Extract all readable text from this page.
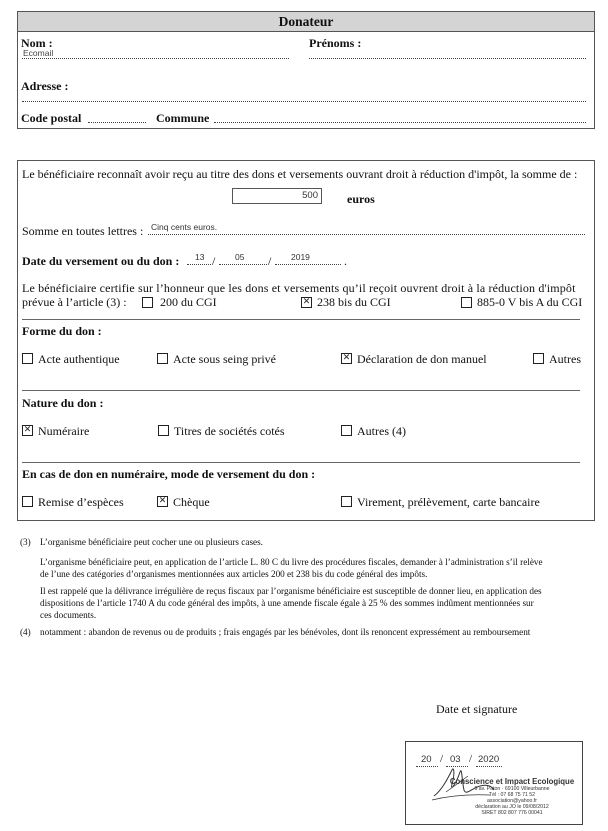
Donateur
Nom :
Ecomail
Prénoms :
Adresse :
Code postal	Commune
Le bénéficiaire reconnaît avoir reçu au titre des dons et versements ouvrant droit à réduction d'impôt, la somme de :
500	euros
Somme en toutes lettres : Cinq cents euros.
Date du versement ou du don : 13 / 05 / 2019	.
Le bénéficiaire certifie sur l’honneur que les dons et versements qu’il reçoit ouvrent droit à la réduction d'impôt
prévue à l’article (3) :	200 du CGI	✕ 238 bis du CGI	885-0 V bis A du CGI
Forme du don :
Acte authentique	Acte sous seing privé	✕ Déclaration de don manuel	Autres
Nature du don :
✕ Numéraire	Titres de sociétés cotés	Autres (4)
En cas de don en numéraire, mode de versement du don :
Remise d’espèces	✕ Chèque	Virement, prélèvement, carte bancaire
(3) L’organisme bénéficiaire peut cocher une ou plusieurs cases.
L’organisme bénéficiaire peut, en application de l’article L. 80 C du livre des procédures fiscales, demander à l’administration s’il relève
de l’une des catégories d’organismes mentionnées aux articles 200 et 238 bis du code général des impôts.
Il est rappelé que la délivrance irrégulière de reçus fiscaux par l’organisme bénéficiaire est susceptible de donner lieu, en application des
dispositions de l’article 1740 A du code général des impôts, à une amende fiscale égale à 25 % des sommes indûment mentionnées sur
ces documents.
(4) notamment : abandon de revenus ou de produits ; frais engagés par les bénévoles, dont ils renoncent expressément au remboursement
Date et signature
20 / 03 / 2020
Conscience et Impact Ecologique
9 av. Paton · 69100 Villeurbanne
Tél : 07 68 75 71 52
association@yahoo.fr
déclaration au JO le 09/08/2012
SIRET 802 807 776 00041
